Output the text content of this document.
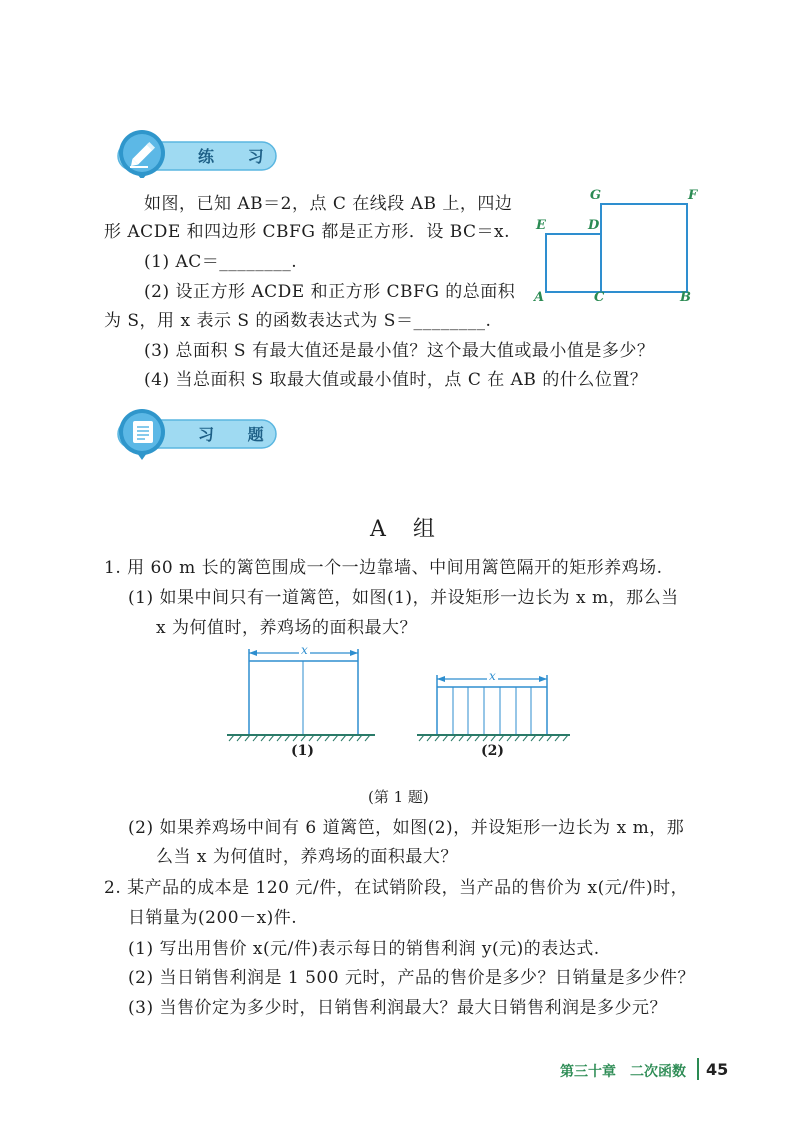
练 习
如图，已知 AB＝2，点 C 在线段 AB 上，四边
形 ACDE 和四边形 CBFG 都是正方形．设 BC＝x.
(1) AC＝________.
(2) 设正方形 ACDE 和正方形 CBFG 的总面积
为 S，用 x 表示 S 的函数表达式为 S＝________.
(3) 总面积 S 有最大值还是最小值？这个最大值或最小值是多少？
(4) 当总面积 S 取最大值或最小值时，点 C 在 AB 的什么位置？
E	D
G	F
A	C	B
习 题
A 组
1. 用 60 m 长的篱笆围成一个一边靠墙、中间用篱笆隔开的矩形养鸡场.
(1) 如果中间只有一道篱笆，如图(1)，并设矩形一边长为 x m，那么当
x 为何值时，养鸡场的面积最大？
x
x
(1)	(2)
(第 1 题)
(2) 如果养鸡场中间有 6 道篱笆，如图(2)，并设矩形一边长为 x m，那
么当 x 为何值时，养鸡场的面积最大？
2. 某产品的成本是 120 元/件，在试销阶段，当产品的售价为 x(元/件)时，
日销量为(200－x)件.
(1) 写出用售价 x(元/件)表示每日的销售利润 y(元)的表达式.
(2) 当日销售利润是 1 500 元时，产品的售价是多少？日销量是多少件？
(3) 当售价定为多少时，日销售利润最大？最大日销售利润是多少元？
第三十章　二次函数 45
